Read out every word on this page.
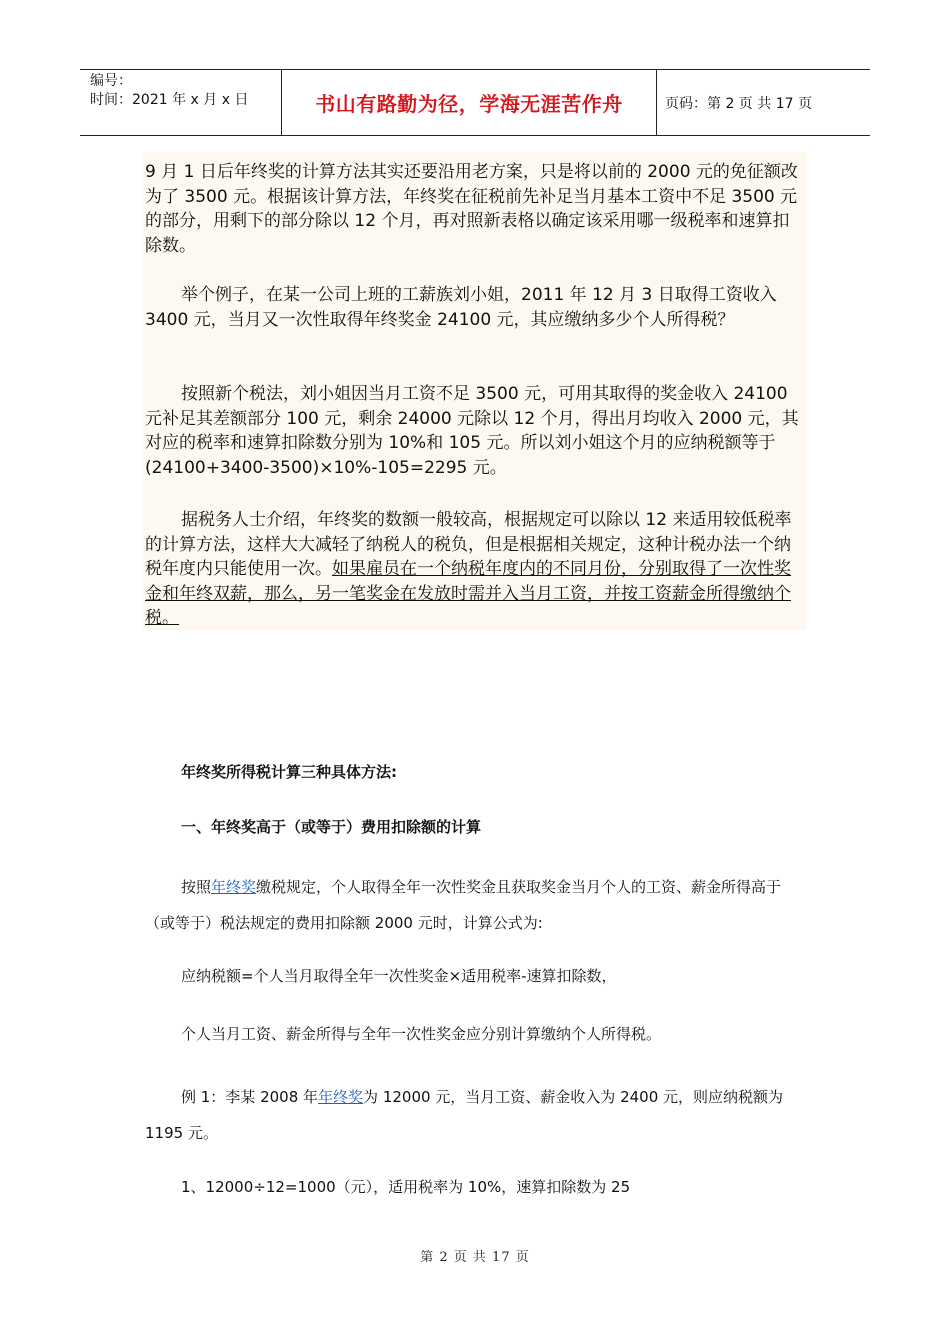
编号：
时间：2021 年 x 月 x 日	书山有路勤为径，学海无涯苦作舟	页码：第 2 页 共 17 页

9 月 1 日后年终奖的计算方法其实还要沿用老方案，只是将以前的 2000 元的免征额改为了 3500 元。根据该计算方法，年终奖在征税前先补足当月基本工资中不足 3500 元的部分，用剩下的部分除以 12 个月，再对照新表格以确定该采用哪一级税率和速算扣除数。

举个例子，在某一公司上班的工薪族刘小姐，2011 年 12 月 3 日取得工资收入 3400 元，当月又一次性取得年终奖金 24100 元，其应缴纳多少个人所得税？

按照新个税法，刘小姐因当月工资不足 3500 元，可用其取得的奖金收入 24100 元补足其差额部分 100 元，剩余 24000 元除以 12 个月，得出月均收入 2000 元，其对应的税率和速算扣除数分别为 10%和 105 元。所以刘小姐这个月的应纳税额等于(24100+3400-3500)×10%-105=2295 元。

据税务人士介绍，年终奖的数额一般较高，根据规定可以除以 12 来适用较低税率的计算方法，这样大大减轻了纳税人的税负，但是根据相关规定，这种计税办法一个纳税年度内只能使用一次。如果雇员在一个纳税年度内的不同月份，分别取得了一次性奖金和年终双薪，那么，另一笔奖金在发放时需并入当月工资，并按工资薪金所得缴纳个税。

年终奖所得税计算三种具体方法:

一、年终奖高于（或等于）费用扣除额的计算

按照年终奖缴税规定，个人取得全年一次性奖金且获取奖金当月个人的工资、薪金所得高于（或等于）税法规定的费用扣除额 2000 元时，计算公式为:

应纳税额=个人当月取得全年一次性奖金×适用税率-速算扣除数，

个人当月工资、薪金所得与全年一次性奖金应分别计算缴纳个人所得税。

例 1：李某 2008 年年终奖为 12000 元，当月工资、薪金收入为 2400 元，则应纳税额为 1195 元。

1、12000÷12=1000（元），适用税率为 10%，速算扣除数为 25

第 2 页 共 17 页
